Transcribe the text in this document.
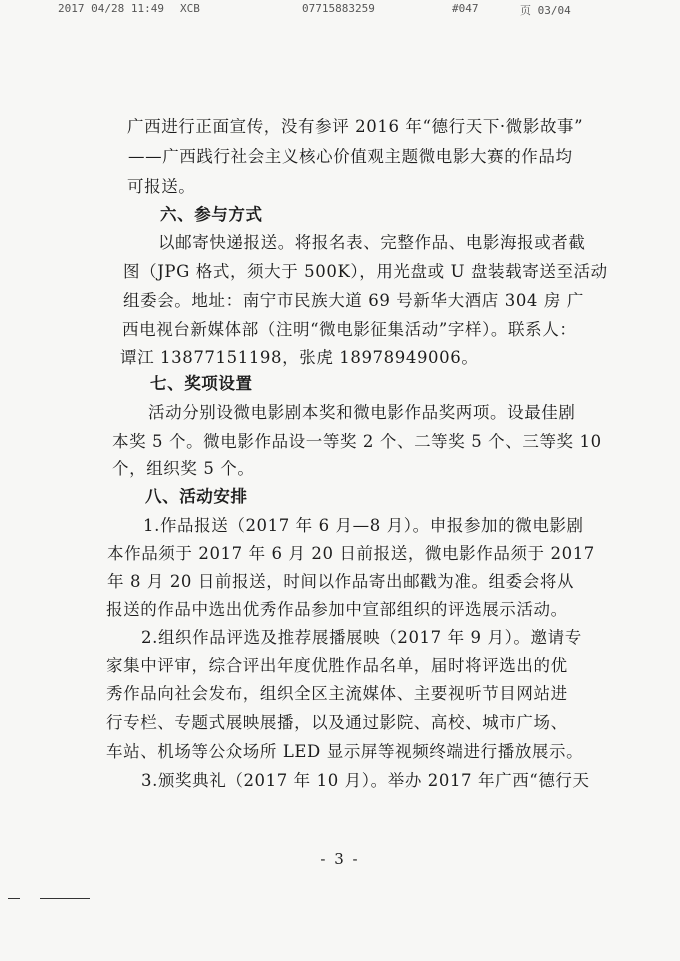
2017 04/28 11:49 XCB	07715883259	#047	页 03/04
广西进行正面宣传，没有参评 2016 年“德行天下·微影故事”
——广西践行社会主义核心价值观主题微电影大赛的作品均
可报送。
六、参与方式
以邮寄快递报送。将报名表、完整作品、电影海报或者截
图（JPG 格式，须大于 500K），用光盘或 U 盘装载寄送至活动
组委会。地址：南宁市民族大道 69 号新华大酒店 304 房 广
西电视台新媒体部（注明“微电影征集活动”字样）。联系人：
谭江 13877151198，张虎 18978949006。
七、奖项设置
活动分别设微电影剧本奖和微电影作品奖两项。设最佳剧
本奖 5 个。微电影作品设一等奖 2 个、二等奖 5 个、三等奖 10
个，组织奖 5 个。
八、活动安排
1.作品报送（2017 年 6 月—8 月）。申报参加的微电影剧
本作品须于 2017 年 6 月 20 日前报送，微电影作品须于 2017
年 8 月 20 日前报送，时间以作品寄出邮戳为准。组委会将从
报送的作品中选出优秀作品参加中宣部组织的评选展示活动。
2.组织作品评选及推荐展播展映（2017 年 9 月）。邀请专
家集中评审，综合评出年度优胜作品名单，届时将评选出的优
秀作品向社会发布，组织全区主流媒体、主要视听节目网站进
行专栏、专题式展映展播，以及通过影院、高校、城市广场、
车站、机场等公众场所 LED 显示屏等视频终端进行播放展示。
3.颁奖典礼（2017 年 10 月）。举办 2017 年广西“德行天
- 3 -
